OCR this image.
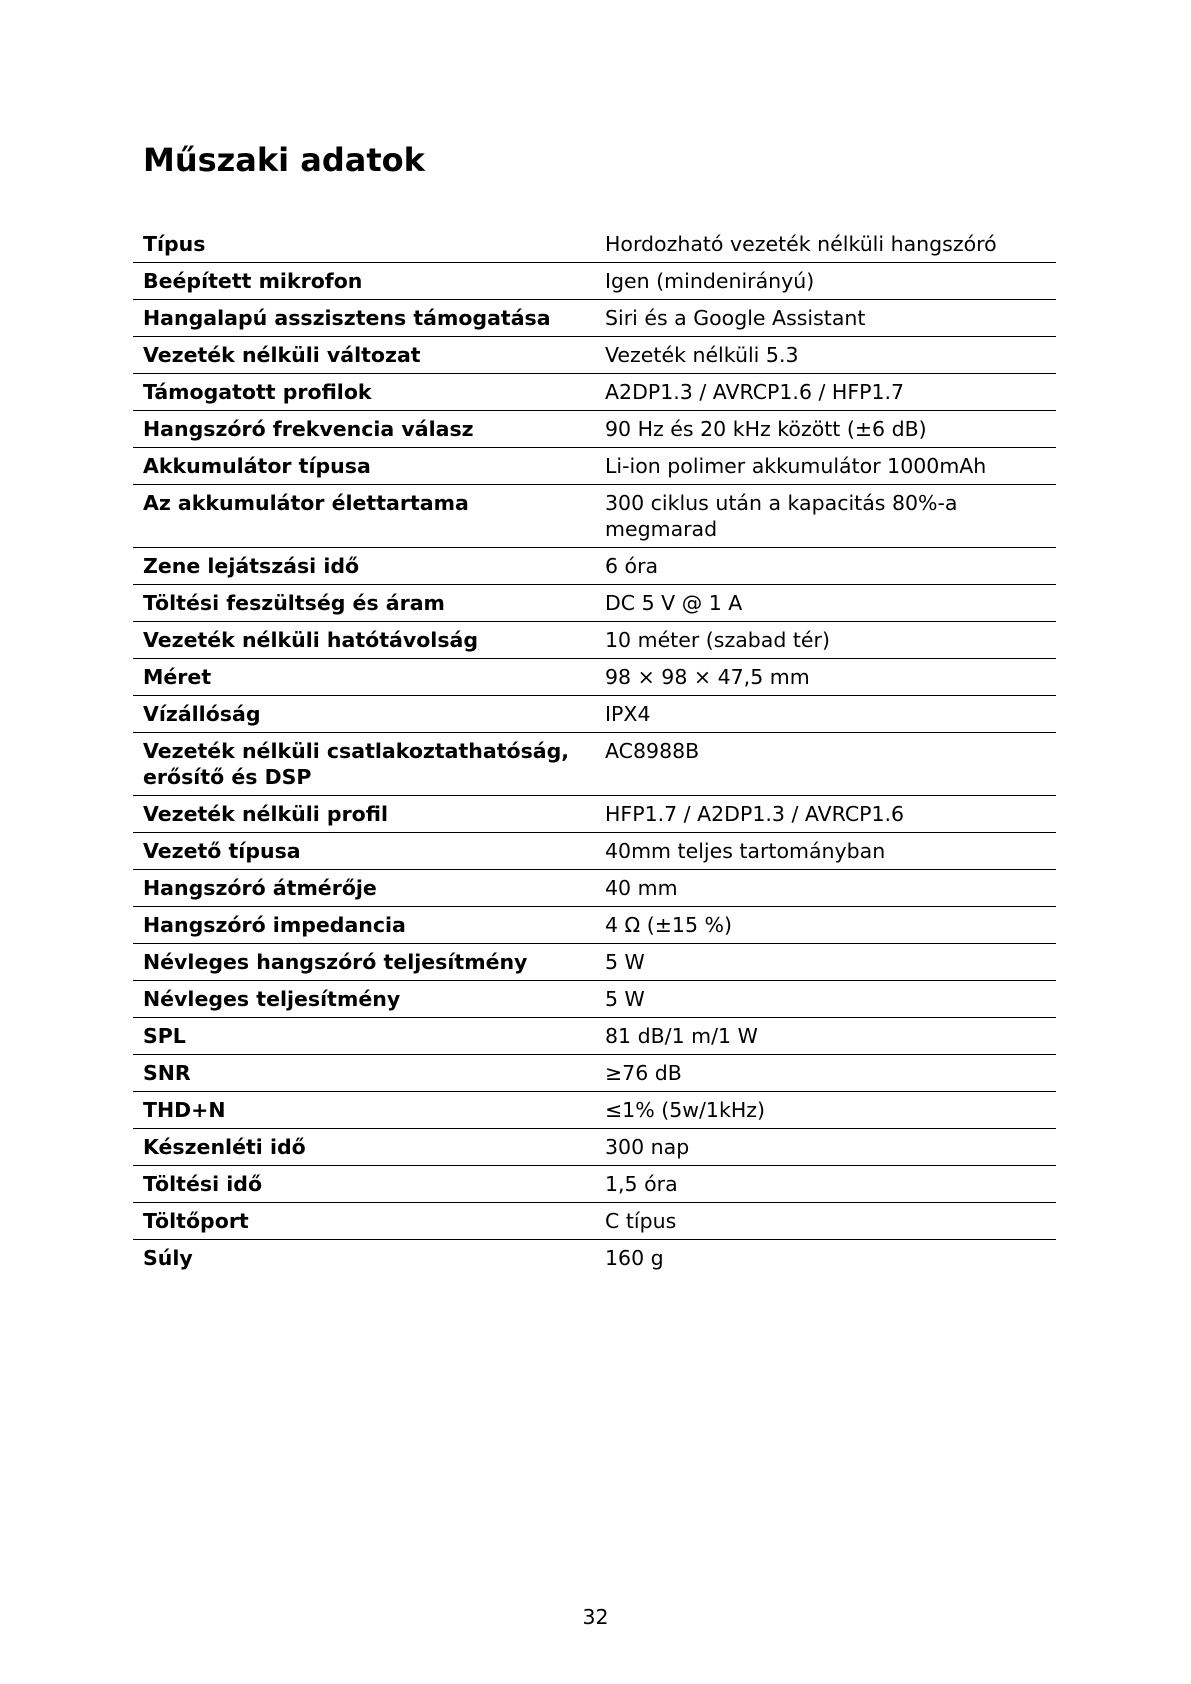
Műszaki adatok
Típus	Hordozható vezeték nélküli hangszóró
Beépített mikrofon	Igen (mindenirányú)
Hangalapú asszisztens támogatása	Siri és a Google Assistant
Vezeték nélküli változat	Vezeték nélküli 5.3
Támogatott profilok	A2DP1.3 / AVRCP1.6 / HFP1.7
Hangszóró frekvencia válasz	90 Hz és 20 kHz között (±6 dB)
Akkumulátor típusa	Li-ion polimer akkumulátor 1000mAh
Az akkumulátor élettartama	300 ciklus után a kapacitás 80%-a megmarad
Zene lejátszási idő	6 óra
Töltési feszültség és áram	DC 5 V @ 1 A
Vezeték nélküli hatótávolság	10 méter (szabad tér)
Méret	98 × 98 × 47,5 mm
Vízállóság	IPX4
Vezeték nélküli csatlakoztathatóság, erősítő és DSP	AC8988B
Vezeték nélküli profil	HFP1.7 / A2DP1.3 / AVRCP1.6
Vezető típusa	40mm teljes tartományban
Hangszóró átmérője	40 mm
Hangszóró impedancia	4 Ω (±15 %)
Névleges hangszóró teljesítmény	5 W
Névleges teljesítmény	5 W
SPL	81 dB/1 m/1 W
SNR	≥76 dB
THD+N	≤1% (5w/1kHz)
Készenléti idő	300 nap
Töltési idő	1,5 óra
Töltőport	C típus
Súly	160 g
32
